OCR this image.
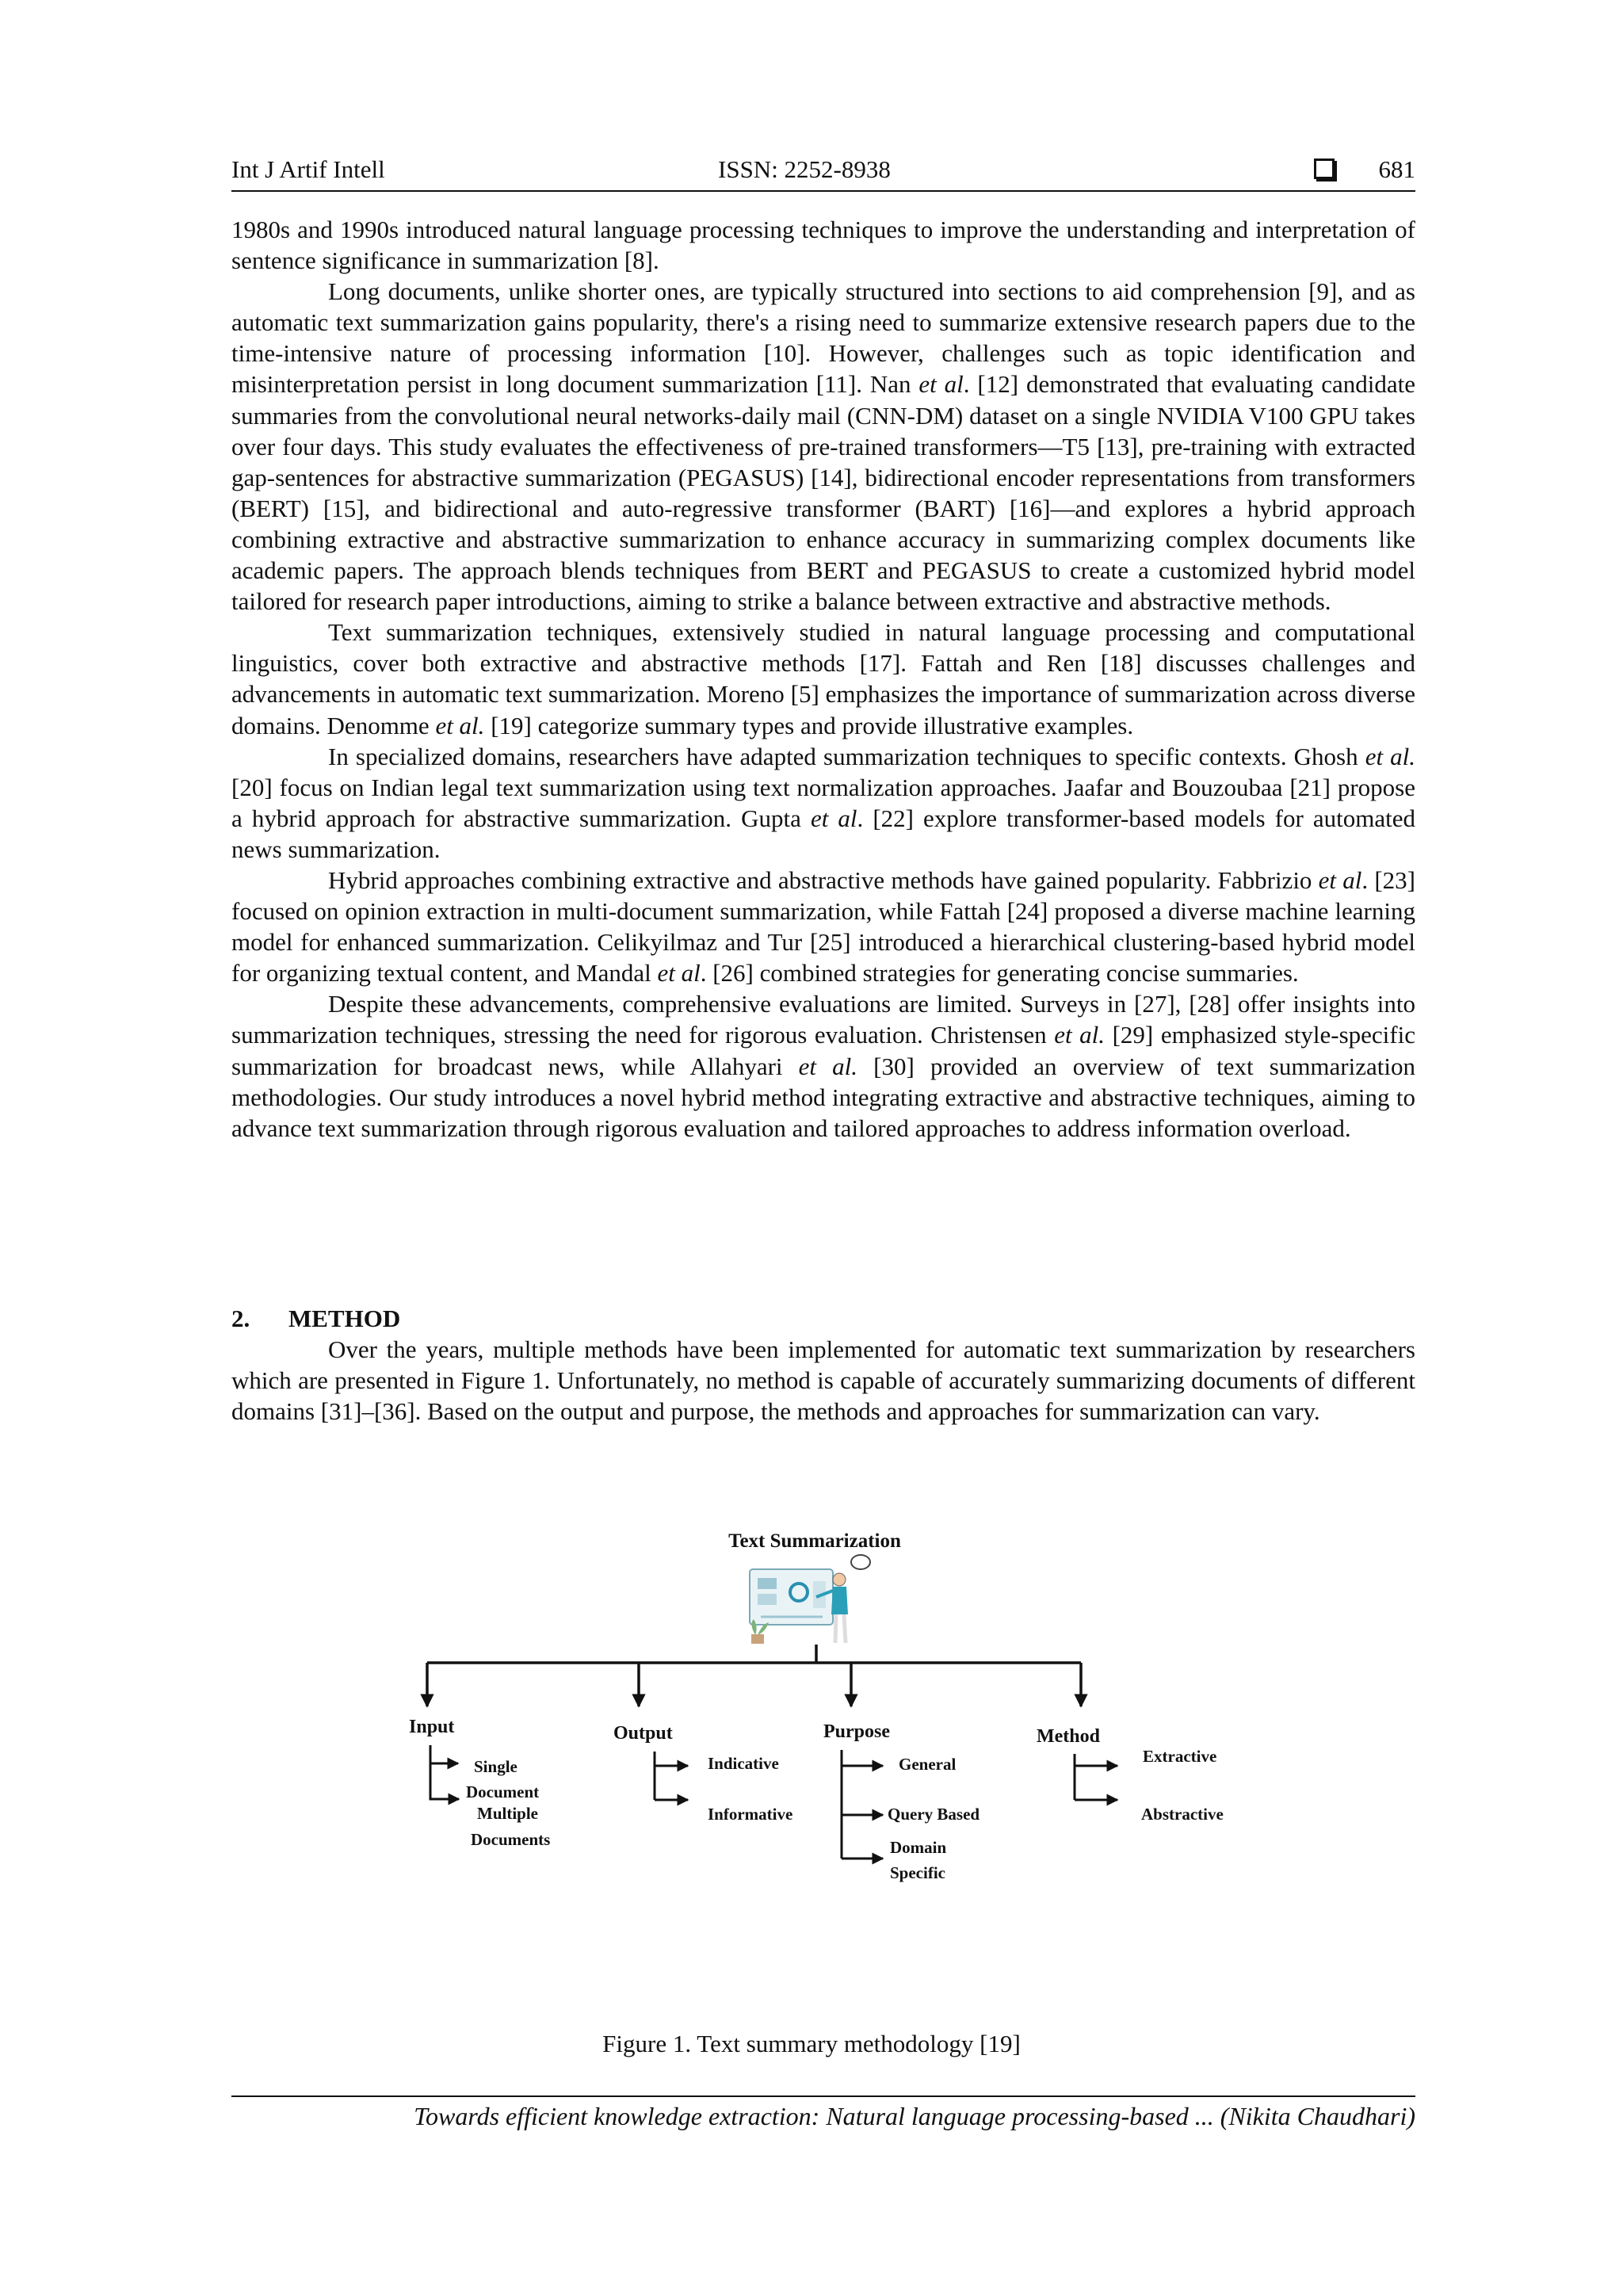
Int J Artif Intell	ISSN: 2252-8938	681

1980s and 1990s introduced natural language processing techniques to improve the understanding and interpretation of sentence significance in summarization [8].

Long documents, unlike shorter ones, are typically structured into sections to aid comprehension [9], and as automatic text summarization gains popularity, there's a rising need to summarize extensive research papers due to the time-intensive nature of processing information [10]. However, challenges such as topic identification and misinterpretation persist in long document summarization [11]. Nan et al. [12] demonstrated that evaluating candidate summaries from the convolutional neural networks-daily mail (CNN-DM) dataset on a single NVIDIA V100 GPU takes over four days. This study evaluates the effectiveness of pre-trained transformers—T5 [13], pre-training with extracted gap-sentences for abstractive summarization (PEGASUS) [14], bidirectional encoder representations from transformers (BERT) [15], and bidirectional and auto-regressive transformer (BART) [16]—and explores a hybrid approach combining extractive and abstractive summarization to enhance accuracy in summarizing complex documents like academic papers. The approach blends techniques from BERT and PEGASUS to create a customized hybrid model tailored for research paper introductions, aiming to strike a balance between extractive and abstractive methods.

Text summarization techniques, extensively studied in natural language processing and computational linguistics, cover both extractive and abstractive methods [17]. Fattah and Ren [18] discusses challenges and advancements in automatic text summarization. Moreno [5] emphasizes the importance of summarization across diverse domains. Denomme et al. [19] categorize summary types and provide illustrative examples.

In specialized domains, researchers have adapted summarization techniques to specific contexts. Ghosh et al. [20] focus on Indian legal text summarization using text normalization approaches. Jaafar and Bouzoubaa [21] propose a hybrid approach for abstractive summarization. Gupta et al. [22] explore transformer-based models for automated news summarization.

Hybrid approaches combining extractive and abstractive methods have gained popularity. Fabbrizio et al. [23] focused on opinion extraction in multi-document summarization, while Fattah [24] proposed a diverse machine learning model for enhanced summarization. Celikyilmaz and Tur [25] introduced a hierarchical clustering-based hybrid model for organizing textual content, and Mandal et al. [26] combined strategies for generating concise summaries.

Despite these advancements, comprehensive evaluations are limited. Surveys in [27], [28] offer insights into summarization techniques, stressing the need for rigorous evaluation. Christensen et al. [29] emphasized style-specific summarization for broadcast news, while Allahyari et al. [30] provided an overview of text summarization methodologies. Our study introduces a novel hybrid method integrating extractive and abstractive techniques, aiming to advance text summarization through rigorous evaluation and tailored approaches to address information overload.

2. METHOD

Over the years, multiple methods have been implemented for automatic text summarization by researchers which are presented in Figure 1. Unfortunately, no method is capable of accurately summarizing documents of different domains [31]–[36]. Based on the output and purpose, the methods and approaches for summarization can vary.

Text Summarization
Input
Single
Document
Multiple
Documents
Output
Indicative
Informative
Purpose
General
Query Based
Domain
Specific
Method
Extractive
Abstractive
Figure 1. Text summary methodology [19]
Towards efficient knowledge extraction: Natural language processing-based ... (Nikita Chaudhari)
